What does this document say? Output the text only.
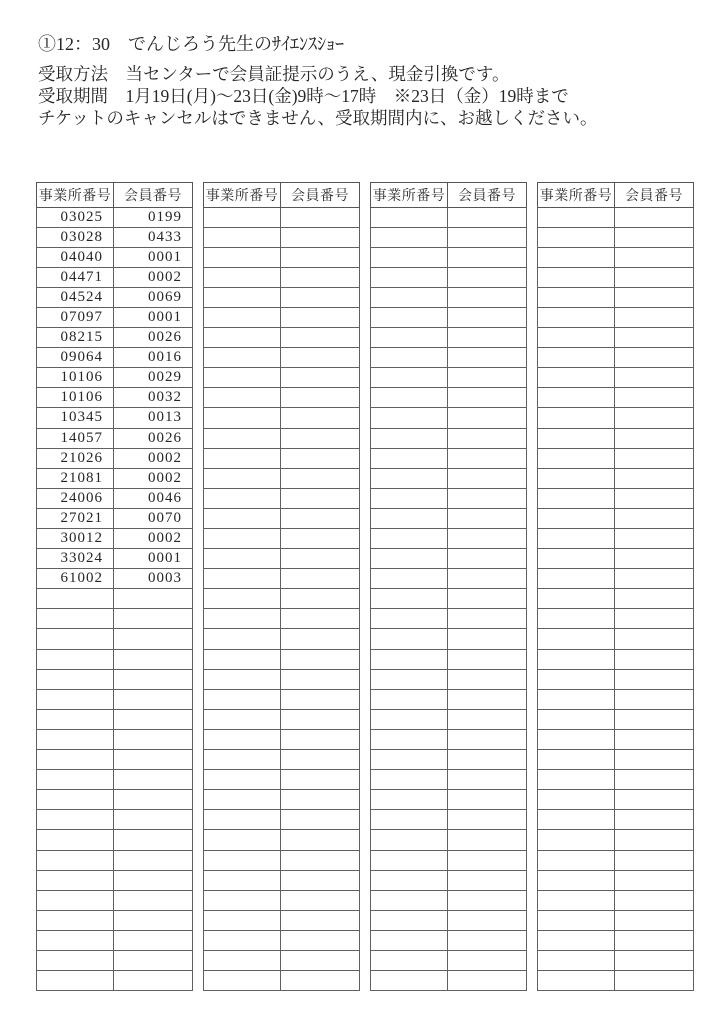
①12：30　でんじろう先生のｻｲｴﾝｽｼｮｰ
受取方法　当センターで会員証提示のうえ、現金引換です。
受取期間　1月19日(月)～23日(金)9時～17時　※23日（金）19時まで
チケットのキャンセルはできません、受取期間内に、お越しください。
事業所番号	会員番号
03025	0199
03028	0433
04040	0001
04471	0002
04524	0069
07097	0001
08215	0026
09064	0016
10106	0029
10106	0032
10345	0013
14057	0026
21026	0002
21081	0002
24006	0046
27021	0070
30012	0002
33024	0001
61002	0003

事業所番号	会員番号

	事業所番号	会員番号

	事業所番号	会員番号
